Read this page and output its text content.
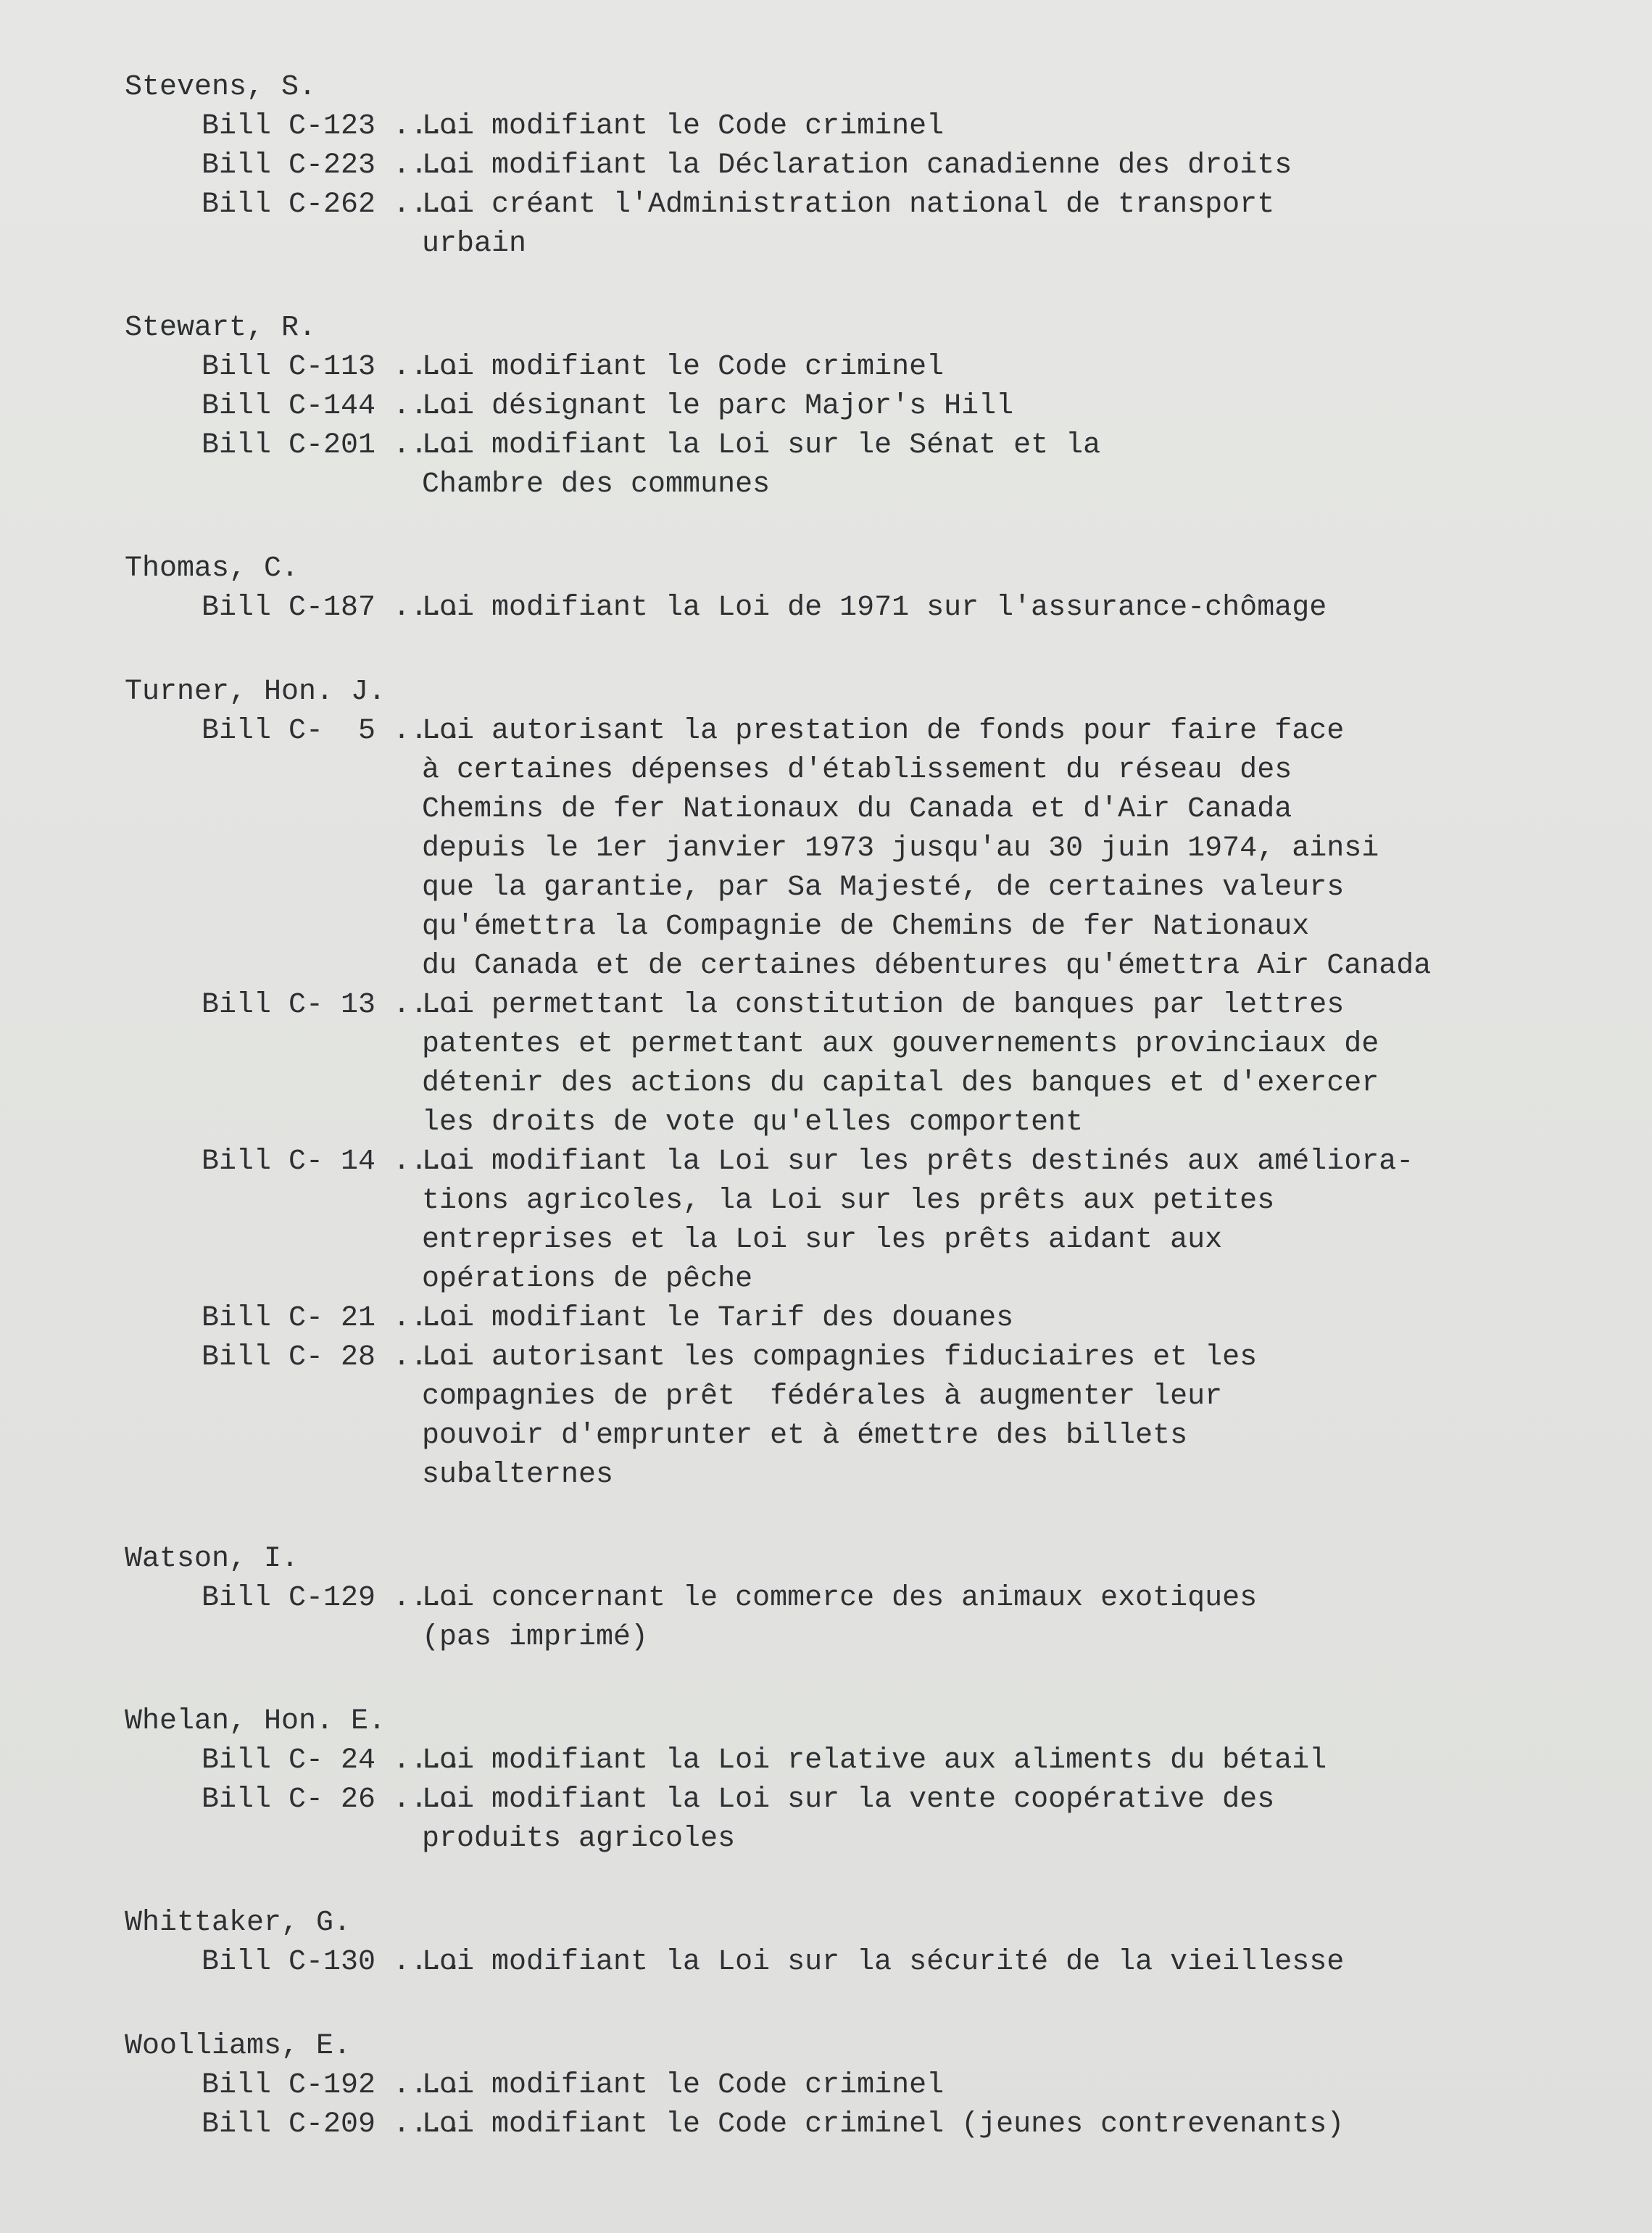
Stevens, S.
Bill C-123 ....
Loi modifiant le Code criminel
Bill C-223 ....
Loi modifiant la Déclaration canadienne des droits
Bill C-262 ....
Loi créant l'Administration national de transport
urbain
Stewart, R.
Bill C-113 ....
Loi modifiant le Code criminel
Bill C-144 ....
Loi désignant le parc Major's Hill
Bill C-201 ....
Loi modifiant la Loi sur le Sénat et la
Chambre des communes
Thomas, C.
Bill C-187 ....
Loi modifiant la Loi de 1971 sur l'assurance-chômage
Turner, Hon. J.
Bill C-  5 ....
Loi autorisant la prestation de fonds pour faire face
à certaines dépenses d'établissement du réseau des
Chemins de fer Nationaux du Canada et d'Air Canada
depuis le 1er janvier 1973 jusqu'au 30 juin 1974, ainsi
que la garantie, par Sa Majesté, de certaines valeurs
qu'émettra la Compagnie de Chemins de fer Nationaux
du Canada et de certaines débentures qu'émettra Air Canada
Bill C- 13 ....
Loi permettant la constitution de banques par lettres
patentes et permettant aux gouvernements provinciaux de
détenir des actions du capital des banques et d'exercer
les droits de vote qu'elles comportent
Bill C- 14 ....
Loi modifiant la Loi sur les prêts destinés aux améliora-
tions agricoles, la Loi sur les prêts aux petites
entreprises et la Loi sur les prêts aidant aux
opérations de pêche
Bill C- 21 ....
Loi modifiant le Tarif des douanes
Bill C- 28 ....
Loi autorisant les compagnies fiduciaires et les
compagnies de prêt  fédérales à augmenter leur
pouvoir d'emprunter et à émettre des billets
subalternes
Watson, I.
Bill C-129 ....
Loi concernant le commerce des animaux exotiques
(pas imprimé)
Whelan, Hon. E.
Bill C- 24 ....
Loi modifiant la Loi relative aux aliments du bétail
Bill C- 26 ....
Loi modifiant la Loi sur la vente coopérative des
produits agricoles
Whittaker, G.
Bill C-130 ....
Loi modifiant la Loi sur la sécurité de la vieillesse
Woolliams, E.
Bill C-192 ....
Loi modifiant le Code criminel
Bill C-209 ....
Loi modifiant le Code criminel (jeunes contrevenants)
